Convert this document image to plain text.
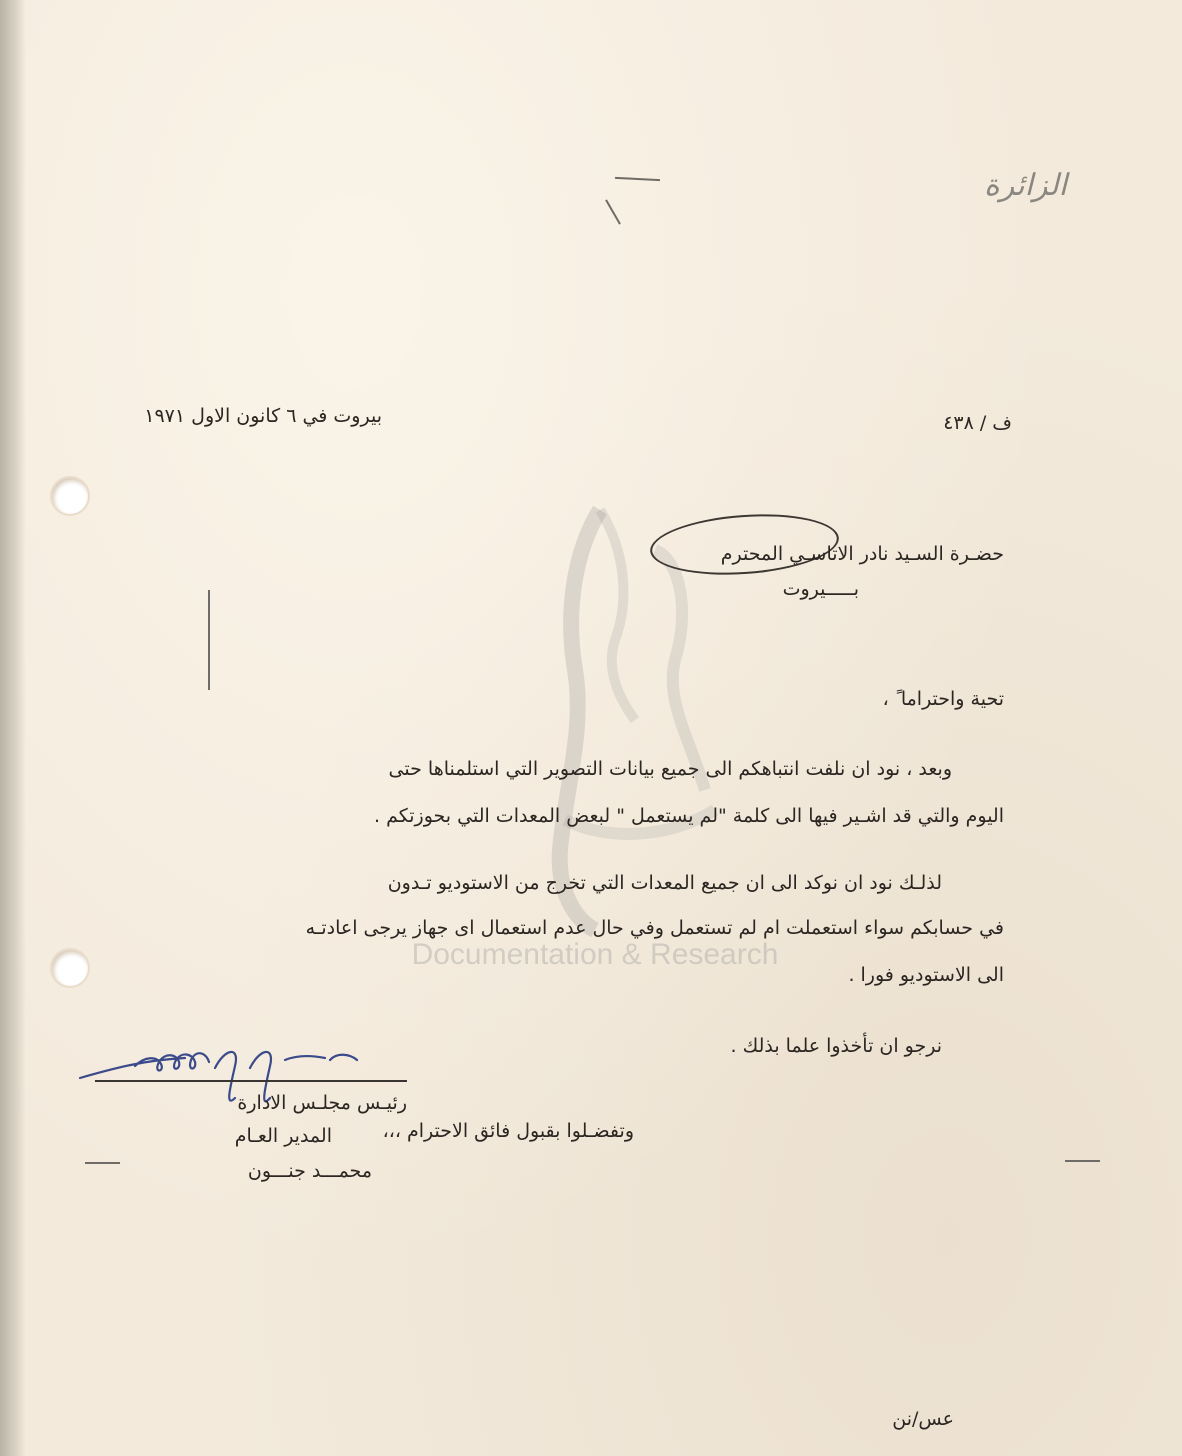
Documentation & Research
الزائرة
ف / ٤٣٨
بيروت في ٦ كانون الاول ١٩٧١
حضـرة السـيد نادر الاتاسـي المحترم
بـــــيروت
تحية واحتراما ً ،
وبعد ، نود ان نلفت انتباهكم الى جميع بيانات التصوير التي استلمناها حتى
اليوم والتي قد اشـير فيها الى كلمة "لم يستعمل " لبعض المعدات التي بحوزتكم .
لذلـك نود ان نوكد الى ان جميع المعدات التي تخرج من الاستوديو تـدون
في حسابكم سواء استعملت ام لم تستعمل وفي حال عدم استعمال اى جهاز يرجى اعادتـه
الى الاستوديو فورا .
نرجو ان تأخذوا علما بذلك .
وتفضـلوا بقبول فائق الاحترام ،،،
رئيـس مجلـس الادارة
المدير العـام
محمـــد جنـــون
عس/نن
